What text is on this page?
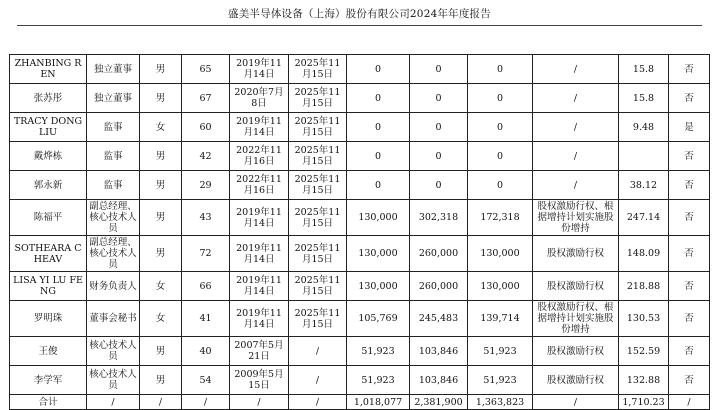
盛美半导体设备（上海）股份有限公司2024年年度报告
ZHANBING REN	独立董事	男	65	2019年11月14日	2025年11月15日	0	0	0	/	15.8	否
张苏彤	独立董事	男	67	2020年7月8日	2025年11月15日	0	0	0	/	15.8	否
TRACY DONG LIU	监事	女	60	2019年11月14日	2025年11月15日	0	0	0	/	9.48	是
戴烨栋	监事	男	42	2022年11月16日	2025年11月15日	0	0	0	/		否
郭永新	监事	男	29	2022年11月16日	2025年11月15日	0	0	0	/	38.12	否
陈福平	副总经理、核心技术人员	男	43	2019年11月14日	2025年11月15日	130,000	302,318	172,318	股权激励行权、根据增持计划实施股份增持	247.14	否
SOTHEARA CHEAV	副总经理、核心技术人员	男	72	2019年11月14日	2025年11月15日	130,000	260,000	130,000	股权激励行权	148.09	否
LISA YI LU FENG	财务负责人	女	66	2019年11月14日	2025年11月15日	130,000	260,000	130,000	股权激励行权	218.88	否
罗明珠	董事会秘书	女	41	2019年11月14日	2025年11月15日	105,769	245,483	139,714	股权激励行权、根据增持计划实施股份增持	130.53	否
王俊	核心技术人员	男	40	2007年5月21日	/	51,923	103,846	51,923	股权激励行权	152.59	否
李学军	核心技术人员	男	54	2009年5月15日	/	51,923	103,846	51,923	股权激励行权	132.88	否
合计	/	/	/	/	/	1,018,077	2,381,900	1,363,823	/	1,710.23	/
